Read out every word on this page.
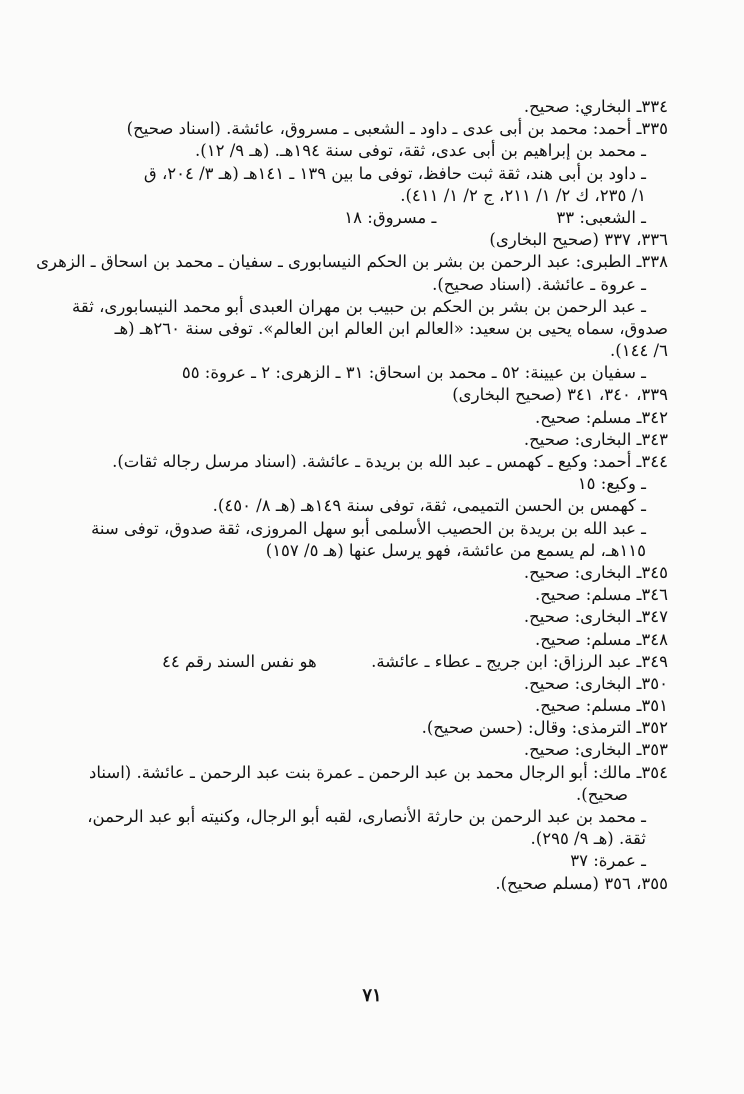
٣٣٤ـ البخاري: صحيح.
٣٣٥ـ أحمد: محمد بن أبى عدى ـ داود ـ الشعبى ـ مسروق، عائشة. (اسناد صحيح)
ـ محمد بن إبراهيم بن أبى عدى، ثقة، توفى سنة ١٩٤هـ. (هـ ٩/ ١٢).
ـ داود بن أبى هند، ثقة ثبت حافظ، توفى ما بين ١٣٩ ـ ١٤١هـ (هـ ٣/ ٢٠٤، ق
١/ ٢٣٥، ك ٢/ ١/ ٢١١، ج ٢/ ١/ ٤١١).
ـ الشعبى: ٣٣ـ مسروق: ١٨
٣٣٦، ٣٣٧ (صحيح البخارى)
٣٣٨ـ الطبرى: عبد الرحمن بن بشر بن الحكم النيسابورى ـ سفيان ـ محمد بن اسحاق ـ الزهرى
ـ عروة ـ عائشة. (اسناد صحيح).
ـ عبد الرحمن بن بشر بن الحكم بن حبيب بن مهران العبدى أبو محمد النيسابورى، ثقة
صدوق، سماه يحيى بن سعيد: «العالم ابن العالم ابن العالم». توفى سنة ٢٦٠هـ (هـ
٦/ ١٤٤).
ـ سفيان بن عيينة: ٥٢ ـ محمد بن اسحاق: ٣١ ـ الزهرى: ٢ ـ عروة: ٥٥
٣٣٩، ٣٤٠، ٣٤١ (صحيح البخارى)
٣٤٢ـ مسلم: صحيح.
٣٤٣ـ البخارى: صحيح.
٣٤٤ـ أحمد: وكيع ـ كهمس ـ عبد الله بن بريدة ـ عائشة. (اسناد مرسل رجاله ثقات).
ـ وكيع: ١٥
ـ كهمس بن الحسن التميمى، ثقة، توفى سنة ١٤٩هـ (هـ ٨/ ٤٥٠).
ـ عبد الله بن بريدة بن الحصيب الأسلمى أبو سهل المروزى، ثقة صدوق، توفى سنة
١١٥هـ، لم يسمع من عائشة، فهو يرسل عنها (هـ ٥/ ١٥٧)
٣٤٥ـ البخارى: صحيح.
٣٤٦ـ مسلم: صحيح.
٣٤٧ـ البخارى: صحيح.
٣٤٨ـ مسلم: صحيح.
٣٤٩ـ عبد الرزاق: ابن جريج ـ عطاء ـ عائشة.
هو نفس السند رقم ٤٤
٣٥٠ـ البخارى: صحيح.
٣٥١ـ مسلم: صحيح.
٣٥٢ـ الترمذى: وقال: (حسن صحيح).
٣٥٣ـ البخارى: صحيح.
٣٥٤ـ مالك: أبو الرجال محمد بن عبد الرحمن ـ عمرة بنت عبد الرحمن ـ عائشة. (اسناد
صحيح).
ـ محمد بن عبد الرحمن بن حارثة الأنصارى، لقبه أبو الرجال، وكنيته أبو عبد الرحمن،
ثقة. (هـ ٩/ ٢٩٥).
ـ عمرة: ٣٧
٣٥٥، ٣٥٦ (مسلم صحيح).
٧١
